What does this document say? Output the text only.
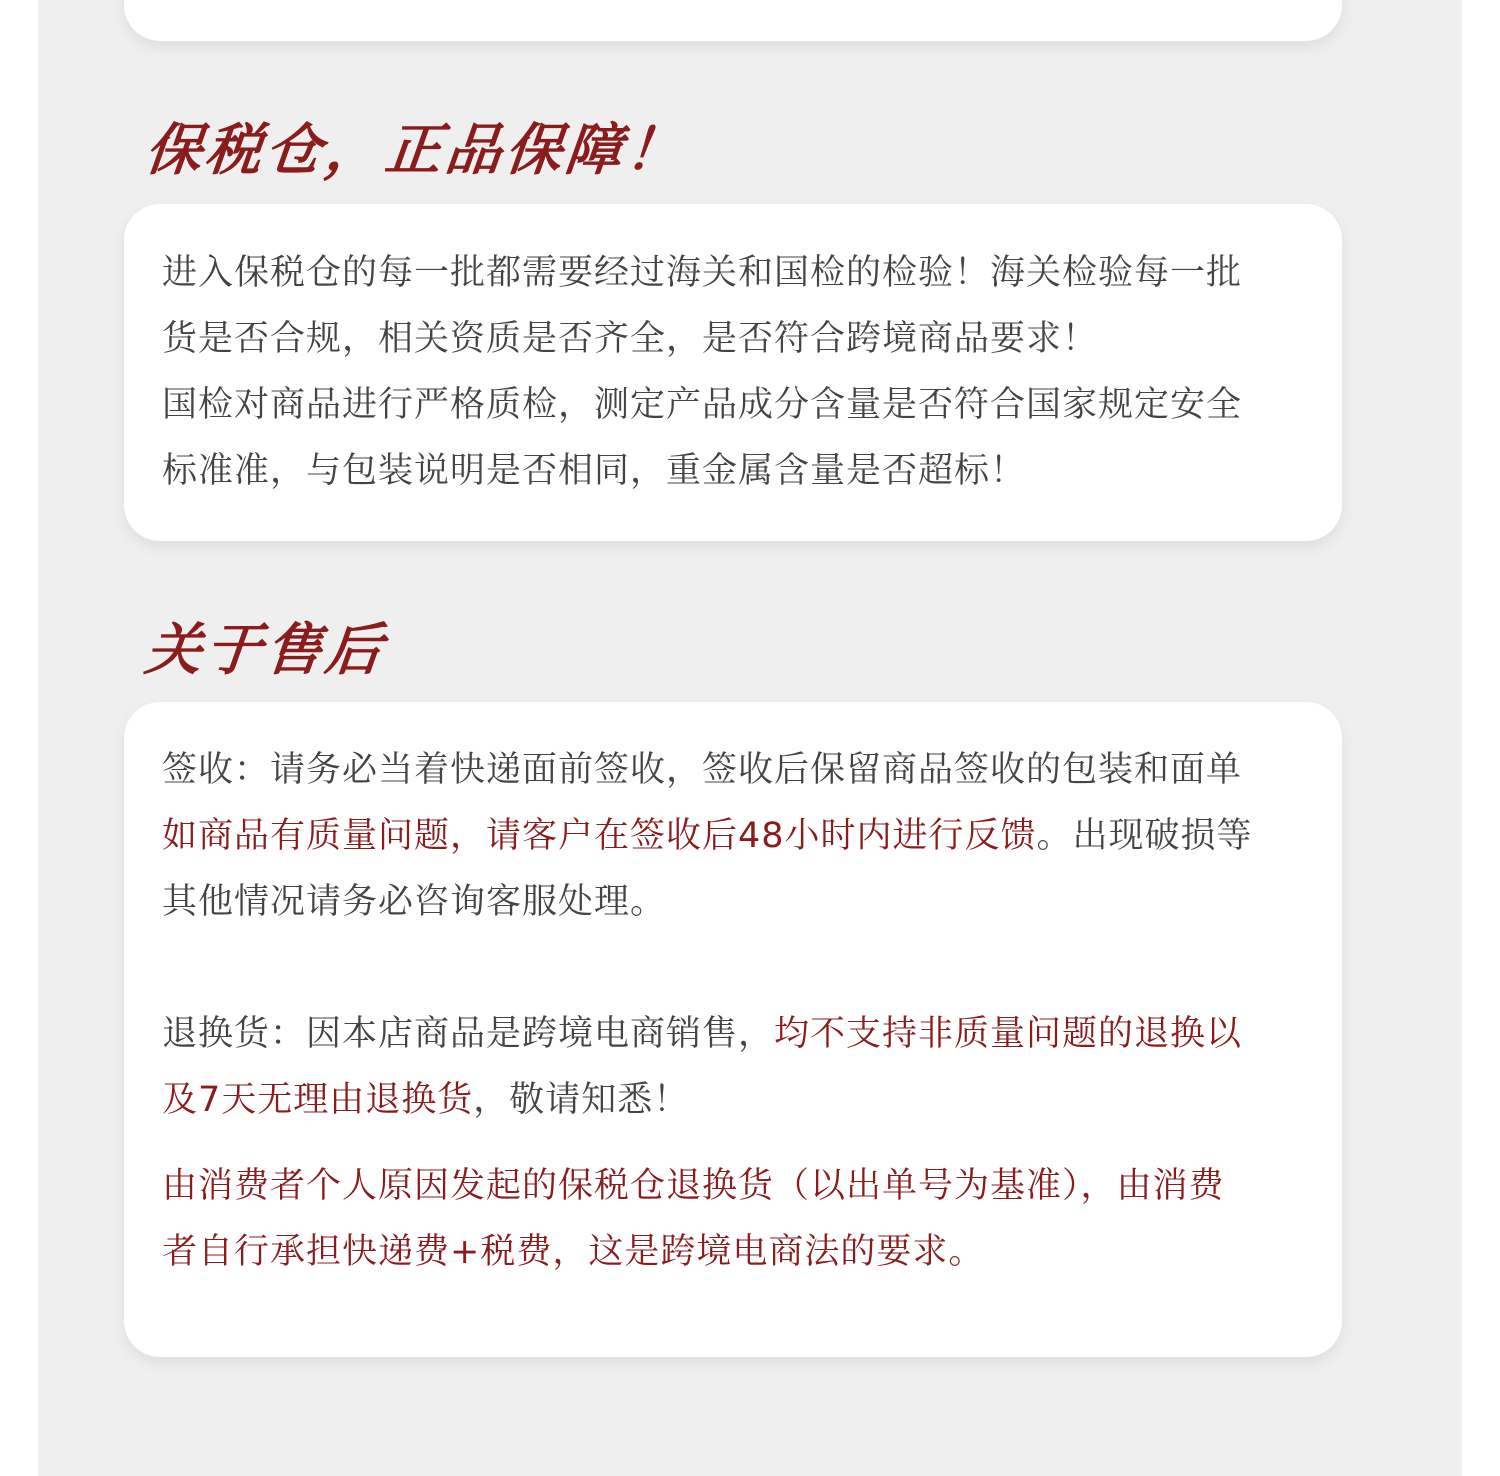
保税仓，正品保障！

进入保税仓的每一批都需要经过海关和国检的检验！海关检验每一批
货是否合规，相关资质是否齐全，是否符合跨境商品要求！
国检对商品进行严格质检，测定产品成分含量是否符合国家规定安全
标准准，与包装说明是否相同，重金属含量是否超标！

关于售后

签收：请务必当着快递面前签收，签收后保留商品签收的包装和面单
如商品有质量问题，请客户在签收后48小时内进行反馈。出现破损等
其他情况请务必咨询客服处理。

退换货：因本店商品是跨境电商销售，均不支持非质量问题的退换以
及7天无理由退换货，敬请知悉！

由消费者个人原因发起的保税仓退换货（以出单号为基准），由消费
者自行承担快递费+税费，这是跨境电商法的要求。
